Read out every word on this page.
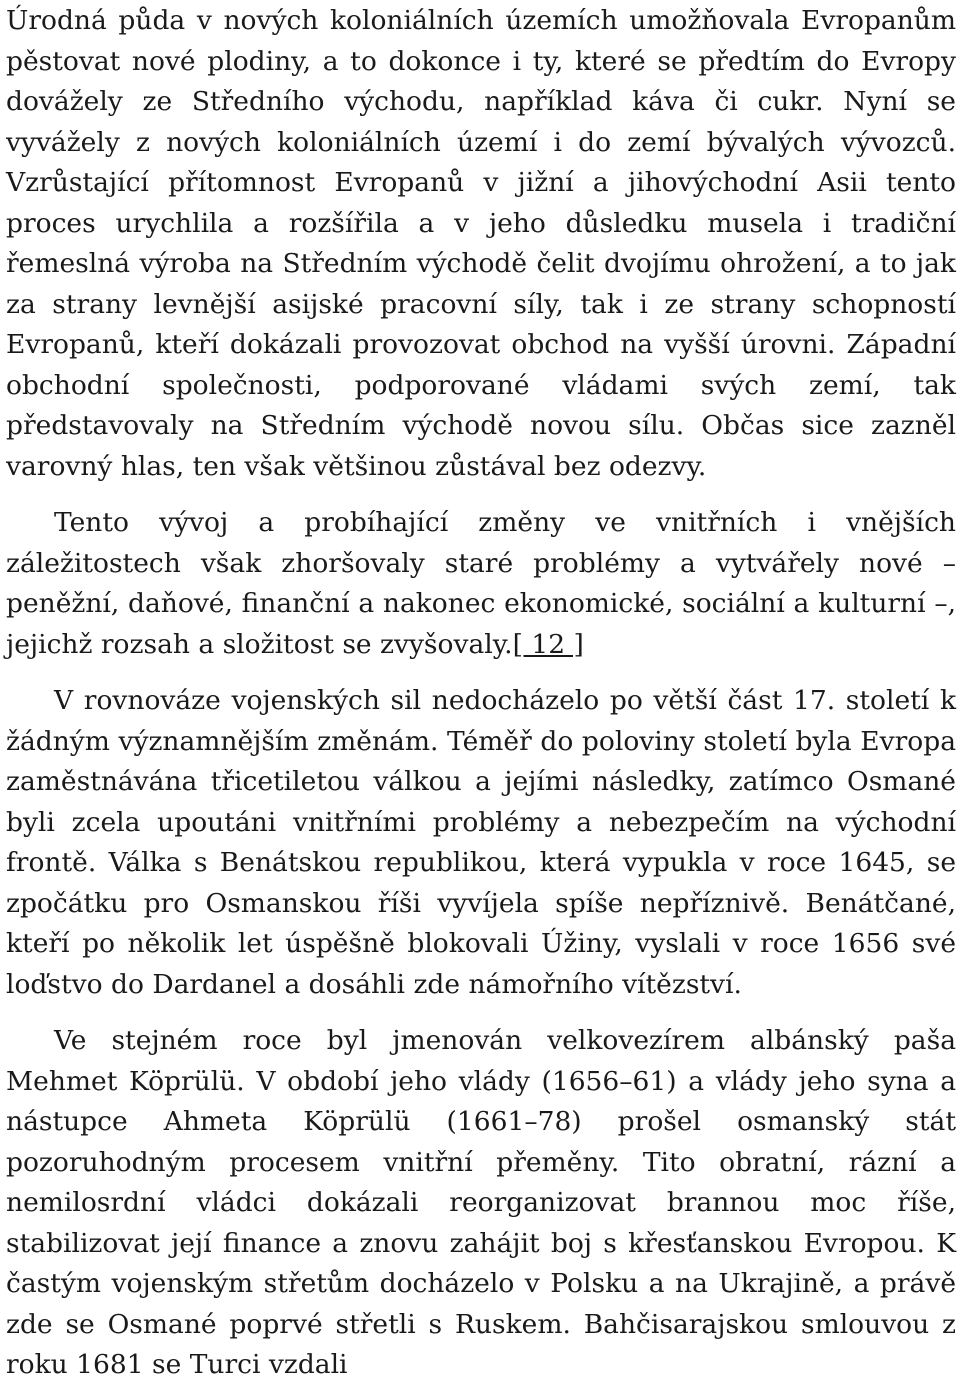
Úrodná půda v nových koloniálních územích umožňovala Evropanům pěstovat nové plodiny, a to dokonce i ty, které se předtím do Evropy dovážely ze Středního východu, například káva či cukr. Nyní se vyvážely z nových koloniálních území i do zemí bývalých vývozců. Vzrůstající přítomnost Evropanů v jižní a jihovýchodní Asii tento proces urychlila a rozšířila a v jeho důsledku musela i tradiční řemeslná výroba na Středním východě čelit dvojímu ohrožení, a to jak za strany levnější asijské pracovní síly, tak i ze strany schopností Evropanů, kteří dokázali provozovat obchod na vyšší úrovni. Západní obchodní společnosti, podporované vládami svých zemí, tak představovaly na Středním východě novou sílu. Občas sice zazněl varovný hlas, ten však většinou zůstával bez odezvy.

Tento vývoj a probíhající změny ve vnitřních i vnějších záležitostech však zhoršovaly staré problémy a vytvářely nové – peněžní, daňové, finanční a nakonec ekonomické, sociální a kulturní –, jejichž rozsah a složitost se zvyšovaly.[ 12 ]

V rovnováze vojenských sil nedocházelo po větší část 17. století k žádným významnějším změnám. Téměř do poloviny století byla Evropa zaměstnávána třicetiletou válkou a jejími následky, zatímco Osmané byli zcela upoutáni vnitřními problémy a nebezpečím na východní frontě. Válka s Benátskou republikou, která vypukla v roce 1645, se zpočátku pro Osmanskou říši vyvíjela spíše nepříznivě. Benátčané, kteří po několik let úspěšně blokovali Úžiny, vyslali v roce 1656 své loďstvo do Dardanel a dosáhli zde námořního vítězství.

Ve stejném roce byl jmenován velkovezírem albánský paša Mehmet Köprülü. V období jeho vlády (1656–61) a vlády jeho syna a nástupce Ahmeta Köprülü (1661–78) prošel osmanský stát pozoruhodným procesem vnitřní přeměny. Tito obratní, rázní a nemilosrdní vládci dokázali reorganizovat brannou moc říše, stabilizovat její finance a znovu zahájit boj s křesťanskou Evropou. K častým vojenským střetům docházelo v Polsku a na Ukrajině, a právě zde se Osmané poprvé střetli s Ruskem. Bahčisarajskou smlouvou z roku 1681 se Turci vzdali
